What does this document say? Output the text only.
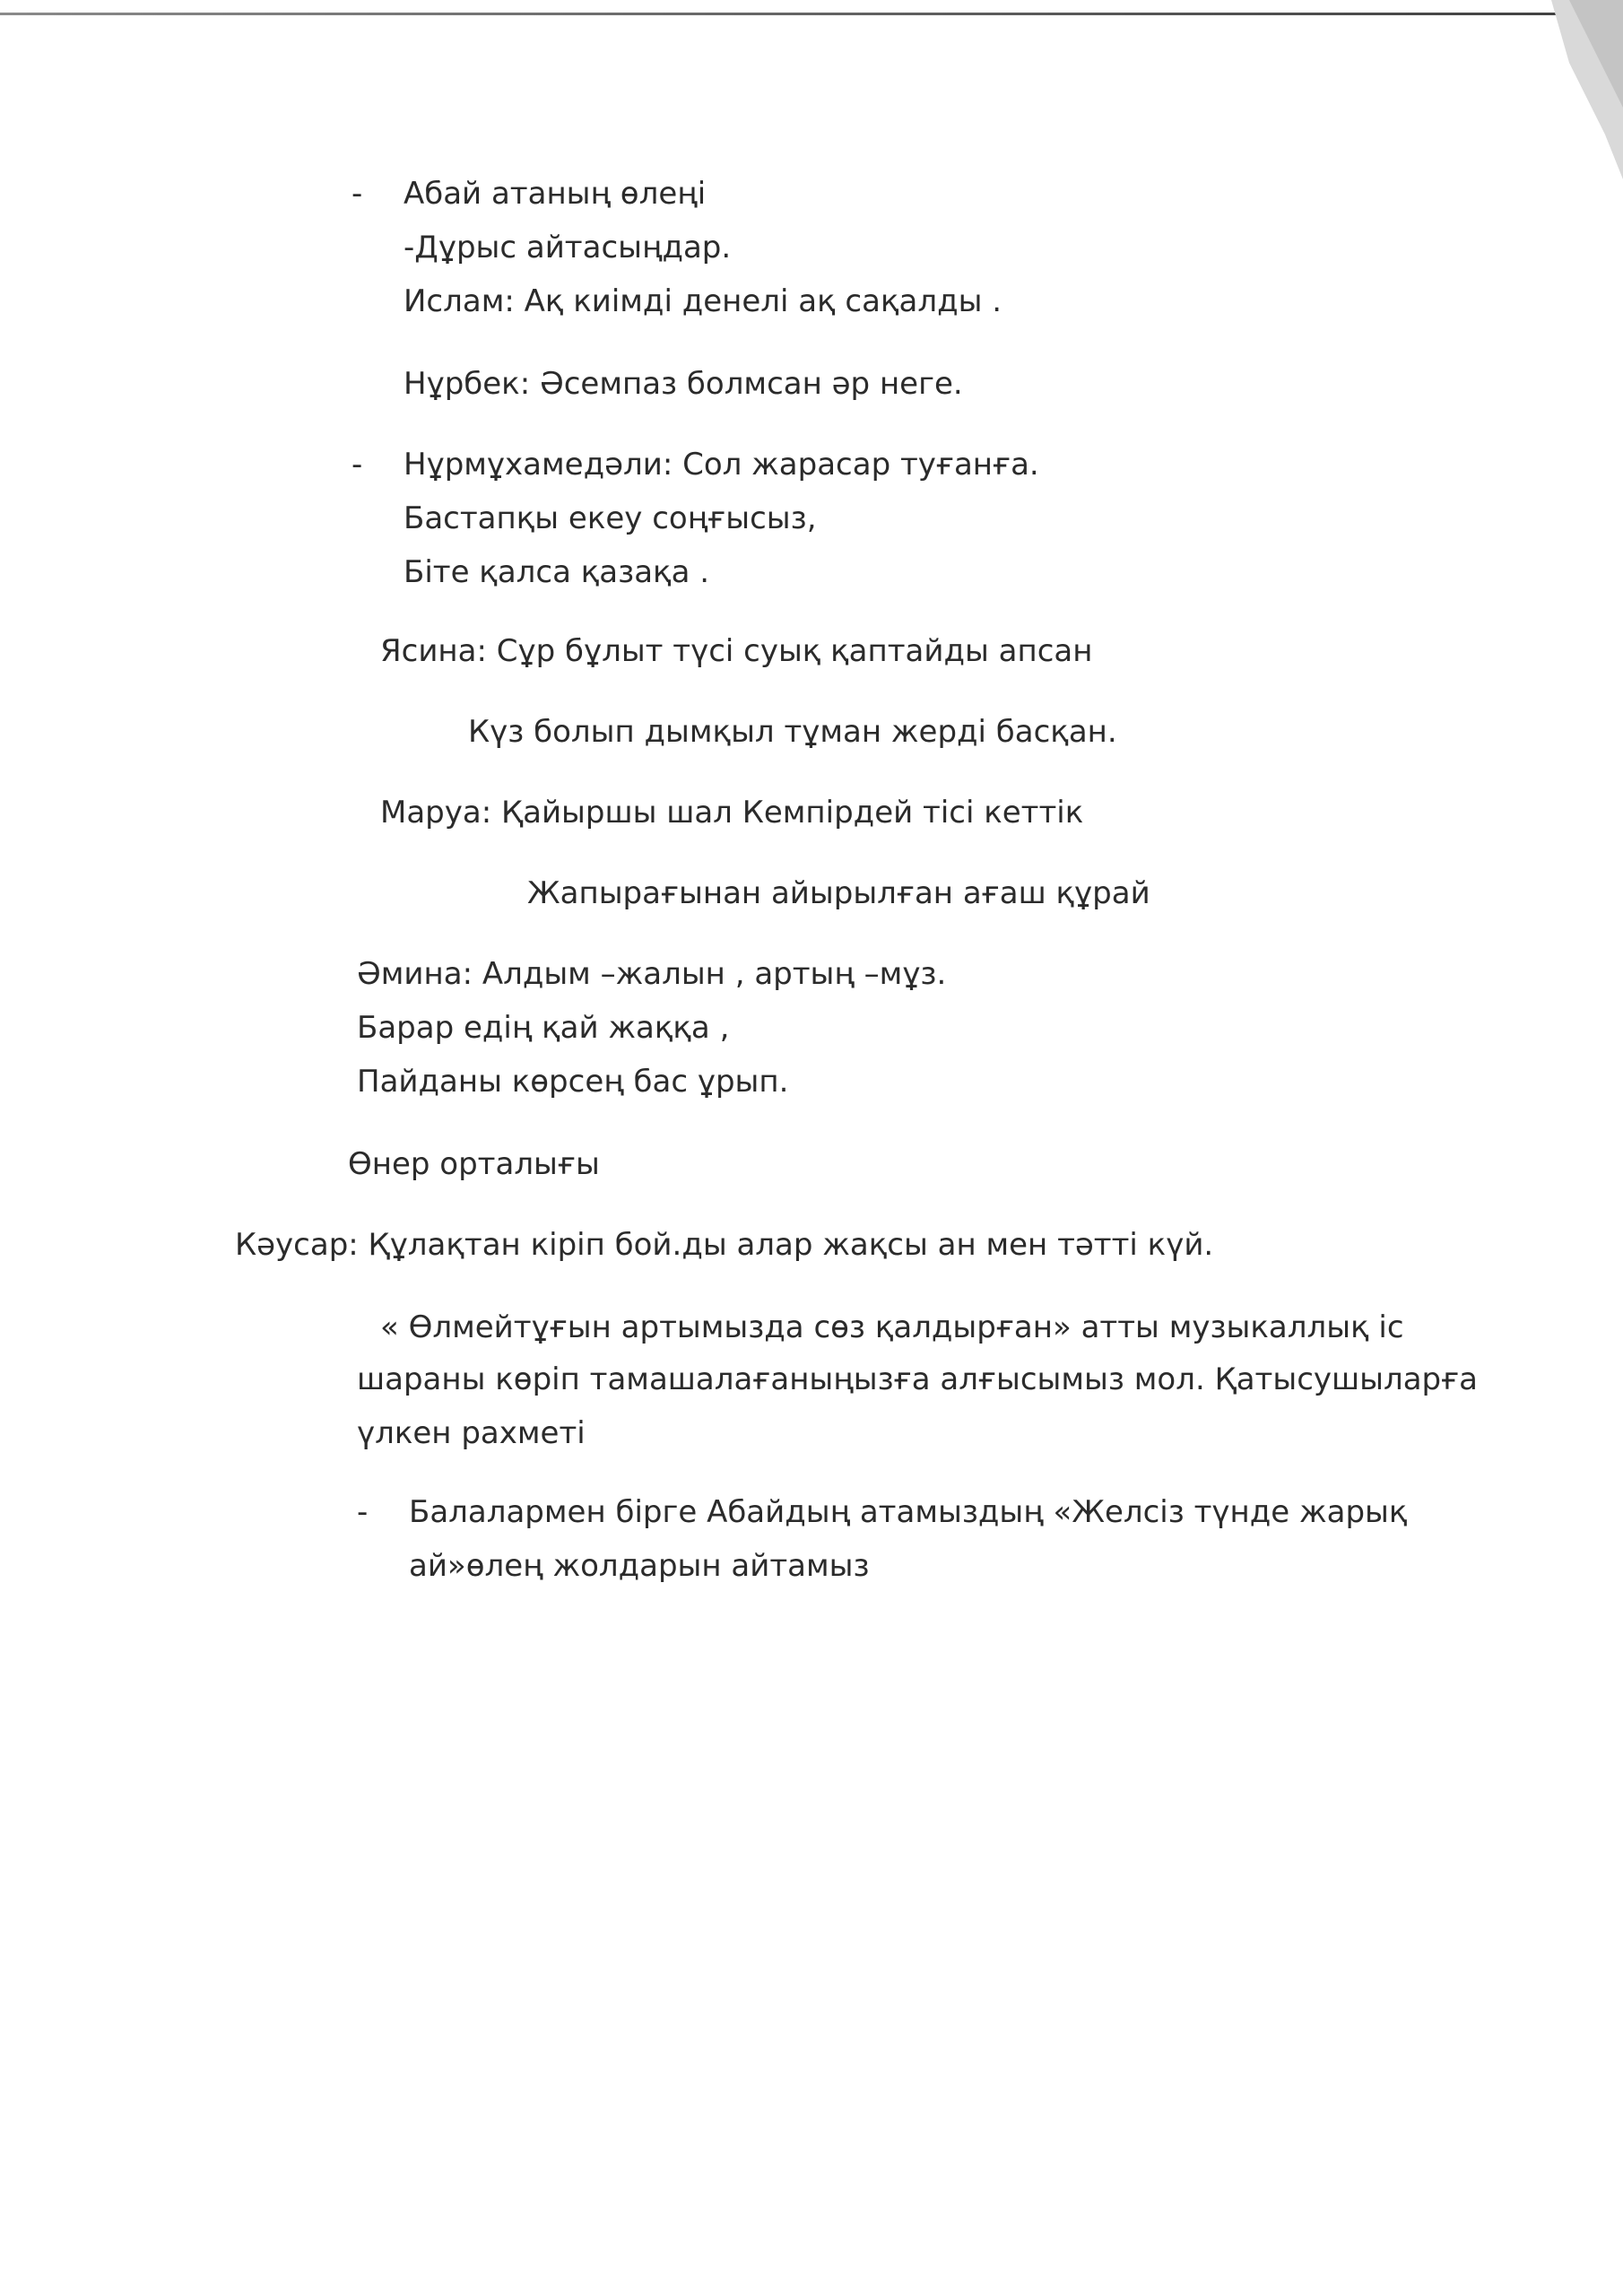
- Абай атаның өлеңі
-Дұрыс айтасыңдар.
Ислам: Ақ киімді денелі ақ сақалды .
Нұрбек: Әсемпаз болмсан әр неге.
- Нұрмұхамедәли: Сол жарасар туғанға.
Бастапқы екеу соңғысыз,
Біте қалса қазақа .
Ясина: Сұр бұлыт түсі суық қаптайды апсан
Күз болып дымқыл тұман жерді басқан.
Маруа: Қайыршы шал Кемпірдей тісі кеттік
Жапырағынан айырылған ағаш құрай
Әмина: Алдым –жалын , артың –мұз.
Барар едің қай жаққа ,
Пайданы көрсең бас ұрып.
Өнер орталығы
Кәусар: Құлақтан кіріп бой.ды алар жақсы ан мен тәтті күй.
« Өлмейтұғын артымызда сөз қалдырған» атты музыкаллық іс
шараны көріп тамашалағаныңызға алғысымыз мол. Қатысушыларға
үлкен рахметі
- Балалармен бірге Абайдың атамыздың «Желсіз түнде жарық
ай»өлең жолдарын айтамыз
